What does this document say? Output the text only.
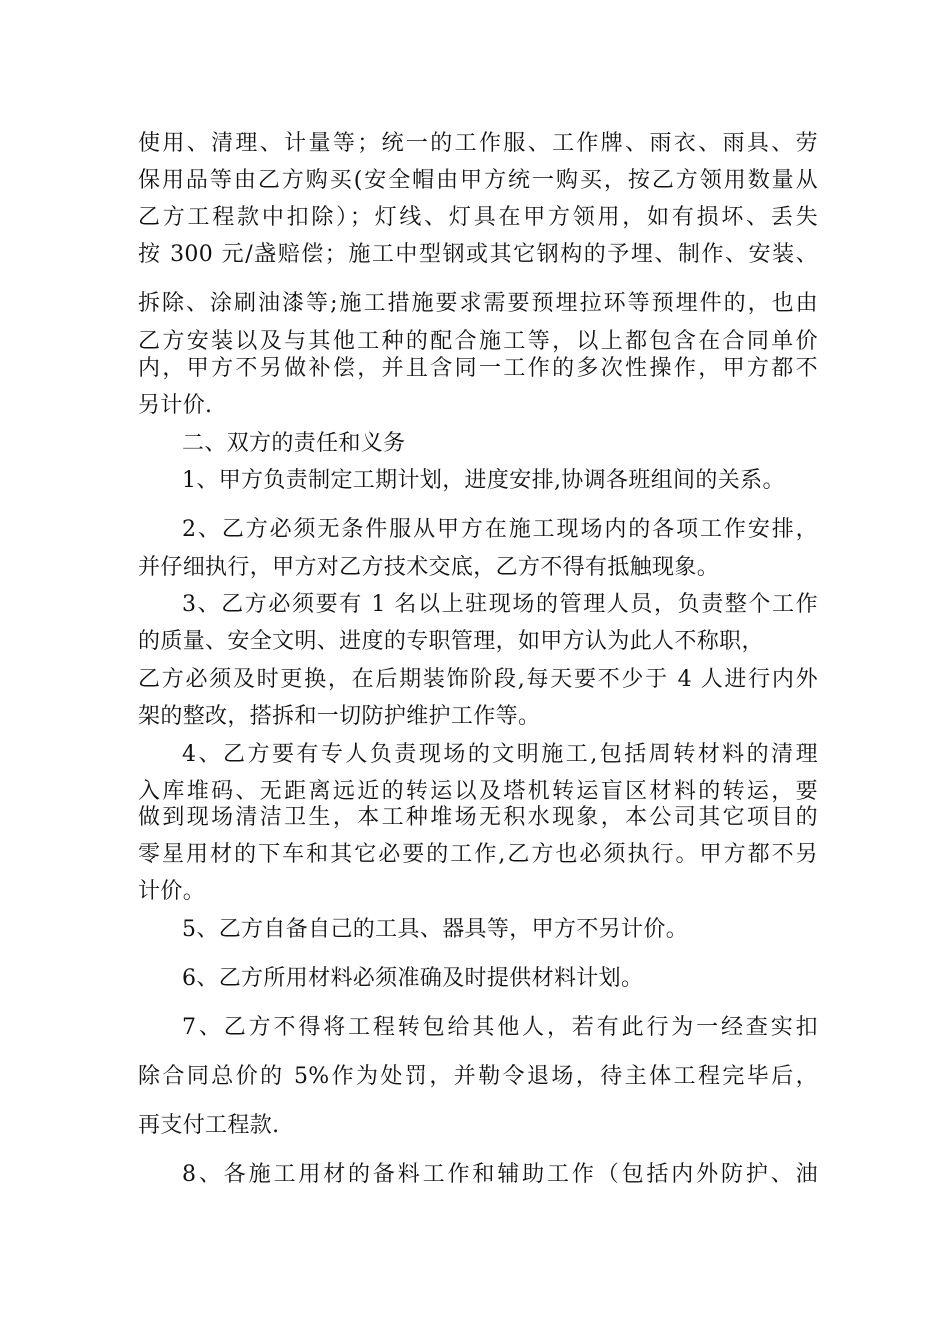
使用、清理、计量等；统一的工作服、工作牌、雨衣、雨具、劳
保用品等由乙方购买(安全帽由甲方统一购买，按乙方领用数量从
乙方工程款中扣除）；灯线、灯具在甲方领用，如有损坏、丢失
按 300 元/盏赔偿；施工中型钢或其它钢构的予埋、制作、安装、
拆除、涂刷油漆等;施工措施要求需要预埋拉环等预埋件的，也由
乙方安装以及与其他工种的配合施工等，以上都包含在合同单价
内，甲方不另做补偿，并且含同一工作的多次性操作，甲方都不
另计价.
二、双方的责任和义务
1、甲方负责制定工期计划，进度安排,协调各班组间的关系。
2、乙方必须无条件服从甲方在施工现场内的各项工作安排，
并仔细执行，甲方对乙方技术交底，乙方不得有抵触现象。
3、乙方必须要有 1 名以上驻现场的管理人员，负责整个工作
的质量、安全文明、进度的专职管理，如甲方认为此人不称职，
乙方必须及时更换，在后期装饰阶段,每天要不少于 4 人进行内外
架的整改，搭拆和一切防护维护工作等。
4、乙方要有专人负责现场的文明施工,包括周转材料的清理
入库堆码、无距离远近的转运以及塔机转运盲区材料的转运，要
做到现场清洁卫生，本工种堆场无积水现象，本公司其它项目的
零星用材的下车和其它必要的工作,乙方也必须执行。甲方都不另
计价。
5、乙方自备自己的工具、器具等，甲方不另计价。
6、乙方所用材料必须准确及时提供材料计划。
7、乙方不得将工程转包给其他人，若有此行为一经查实扣
除合同总价的 5%作为处罚，并勒令退场，待主体工程完毕后，
再支付工程款.
8、各施工用材的备料工作和辅助工作（包括内外防护、油
